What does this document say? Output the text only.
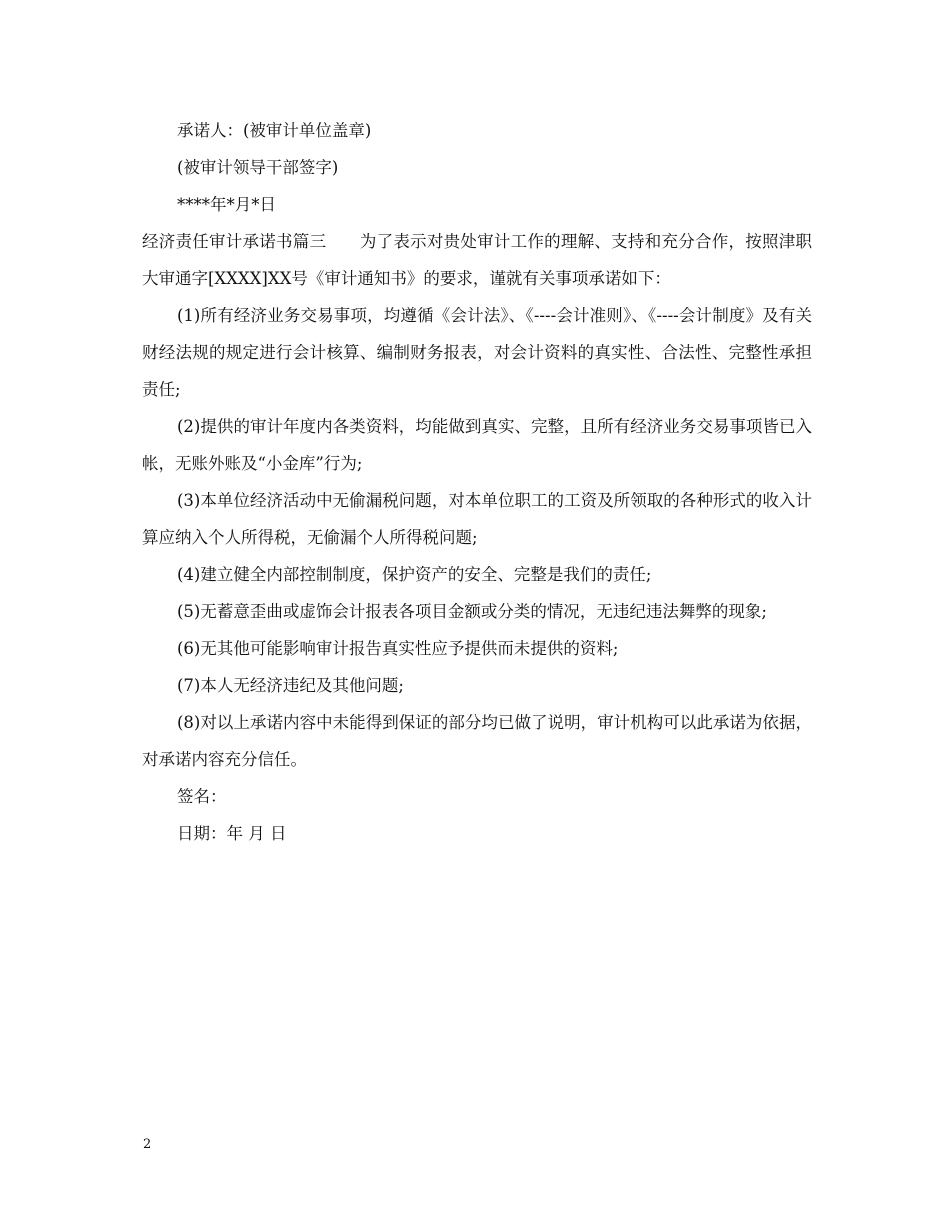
承诺人：(被审计单位盖章)

(被审计领导干部签字)

****年*月*日

经济责任审计承诺书篇三　　为了表示对贵处审计工作的理解、支持和充分合作，按照津职大审通字[XXXX]XX号《审计通知书》的要求，谨就有关事项承诺如下：

(1)所有经济业务交易事项，均遵循《会计法》、《----会计准则》、《----会计制度》及有关财经法规的规定进行会计核算、编制财务报表，对会计资料的真实性、合法性、完整性承担责任;

(2)提供的审计年度内各类资料，均能做到真实、完整，且所有经济业务交易事项皆已入帐，无账外账及“小金库”行为;

(3)本单位经济活动中无偷漏税问题，对本单位职工的工资及所领取的各种形式的收入计算应纳入个人所得税，无偷漏个人所得税问题;

(4)建立健全内部控制制度，保护资产的安全、完整是我们的责任;

(5)无蓄意歪曲或虚饰会计报表各项目金额或分类的情况，无违纪违法舞弊的现象;

(6)无其他可能影响审计报告真实性应予提供而未提供的资料;

(7)本人无经济违纪及其他问题;

(8)对以上承诺内容中未能得到保证的部分均已做了说明，审计机构可以此承诺为依据，对承诺内容充分信任。

签名：

日期：年 月 日

2
